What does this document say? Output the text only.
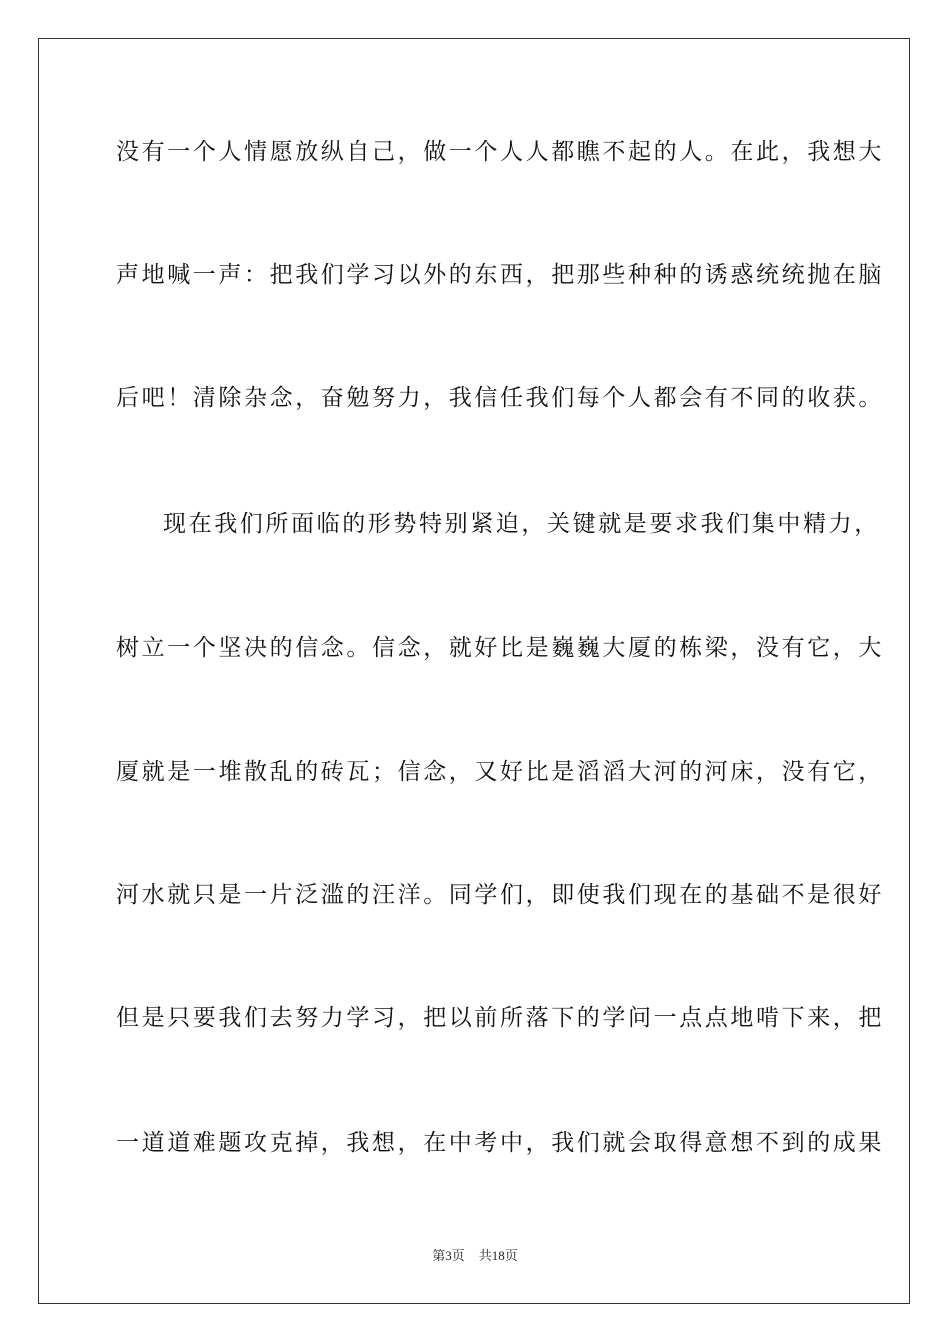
没有一个人情愿放纵自己，做一个人人都瞧不起的人。在此，我想大
声地喊一声：把我们学习以外的东西，把那些种种的诱惑统统抛在脑
后吧！清除杂念，奋勉努力，我信任我们每个人都会有不同的收获。
现在我们所面临的形势特别紧迫，关键就是要求我们集中精力，
树立一个坚决的信念。信念，就好比是巍巍大厦的栋梁，没有它，大
厦就是一堆散乱的砖瓦；信念，又好比是滔滔大河的河床，没有它，
河水就只是一片泛滥的汪洋。同学们，即使我们现在的基础不是很好
但是只要我们去努力学习，把以前所落下的学问一点点地啃下来，把
一道道难题攻克掉，我想，在中考中，我们就会取得意想不到的成果
第3页 共18页
